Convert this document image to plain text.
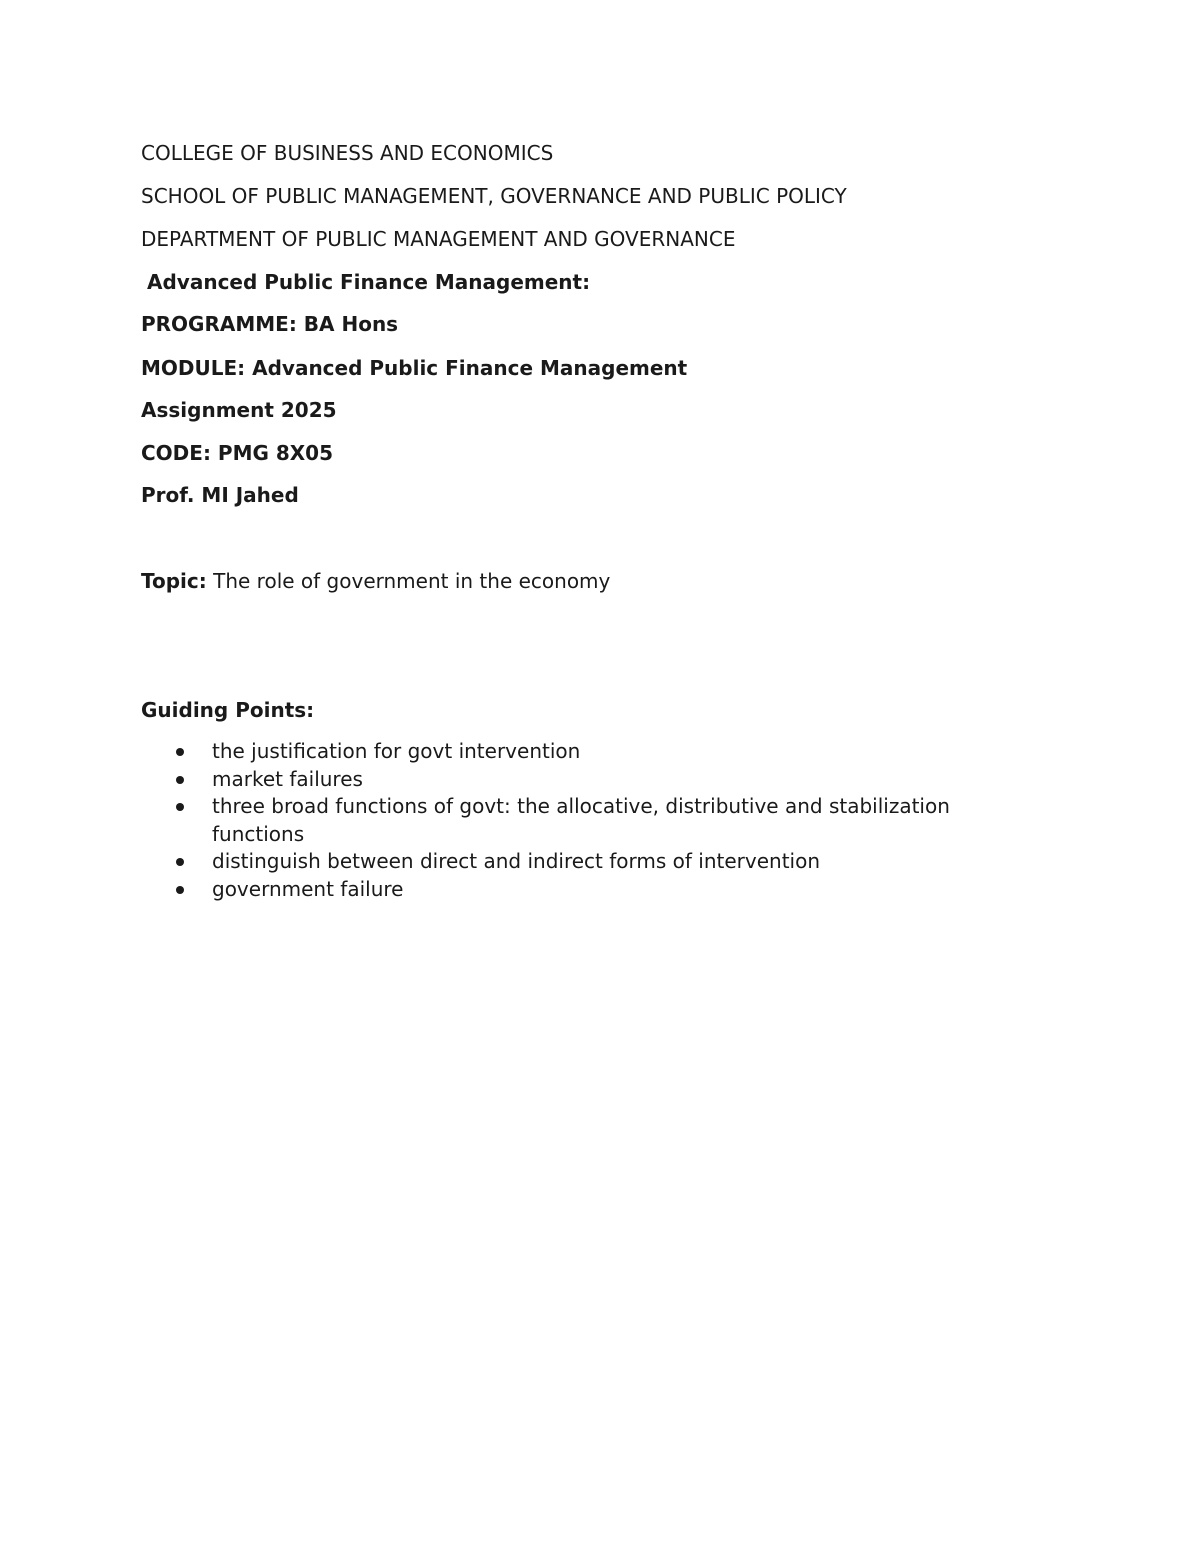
COLLEGE OF BUSINESS AND ECONOMICS
SCHOOL OF PUBLIC MANAGEMENT, GOVERNANCE AND PUBLIC POLICY
DEPARTMENT OF PUBLIC MANAGEMENT AND GOVERNANCE
Advanced Public Finance Management:
PROGRAMME: BA Hons
MODULE: Advanced Public Finance Management
Assignment 2025
CODE: PMG 8X05
Prof. MI Jahed
Topic: The role of government in the economy
Guiding Points:
the justification for govt intervention
market failures
three broad functions of govt: the allocative, distributive and stabilization functions
distinguish between direct and indirect forms of intervention
government failure
